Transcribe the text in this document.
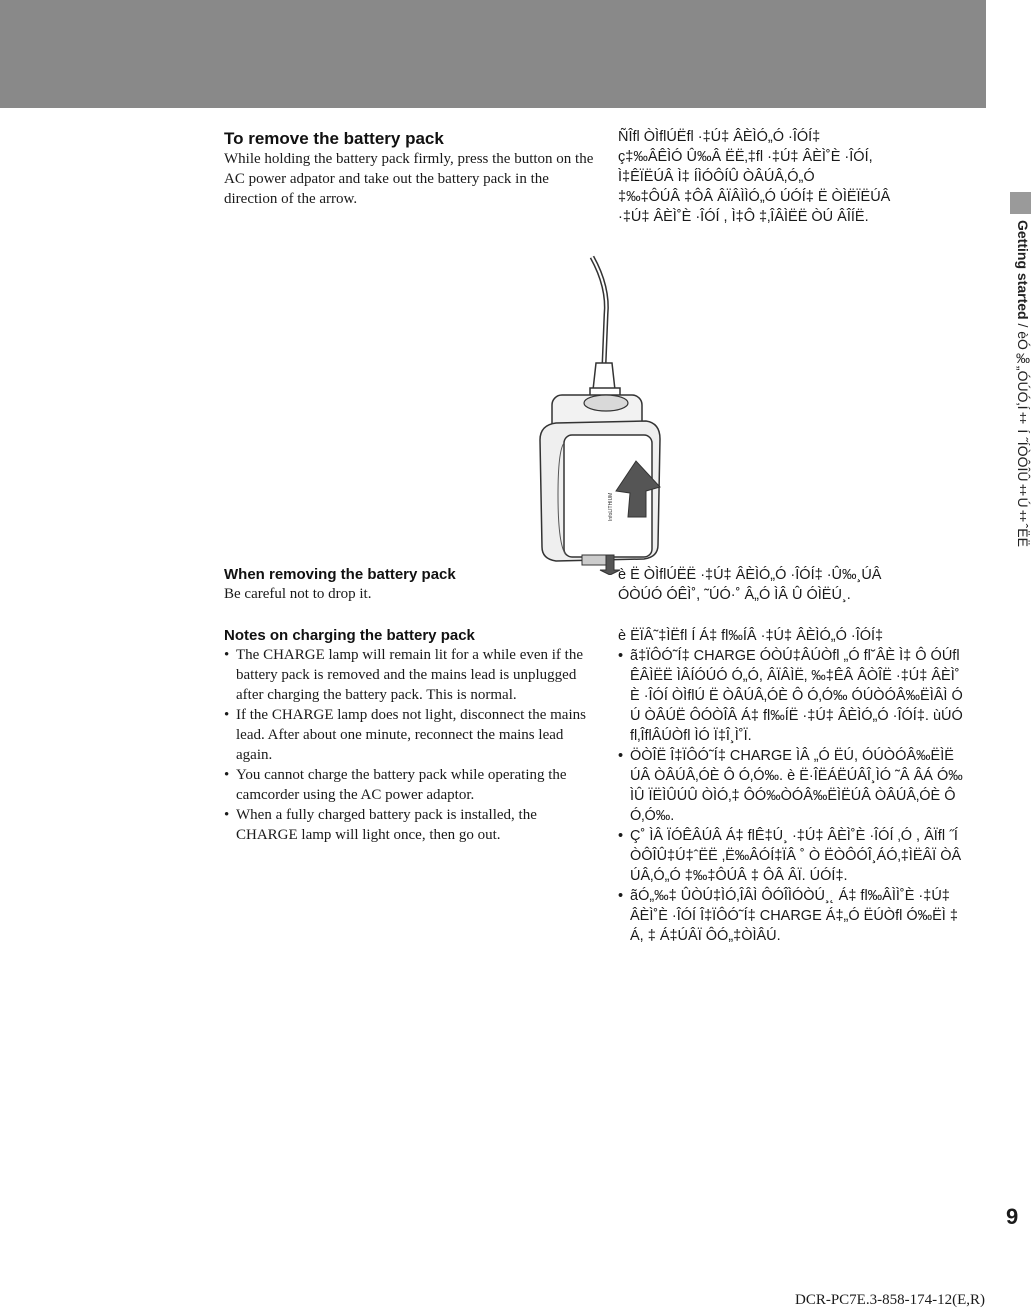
Getting started / èÓ‰„ÓÚÓ‚Í‡ Í ˝ÍÒÔÎÛ‡Ú‡ˆËË
To remove the battery pack

While holding the battery pack firmly, press the button on the AC power adpator and take out the battery pack in the direction of the arrow.

ÑÎfl ÒÌflÚËfl ·‡Ú‡ ÂÈÌÓ„Ó ·ÎÓÍ‡
ç‡‰ÂÊÌÓ Û‰Â ËË‚‡fl ·‡Ú‡ ÂÈÌ˚È ·ÎÓÍ,
Ì‡ÊÏËÚÂ Ì‡ ÍÌÓÔÍÛ ÒÂÚÂ‚Ó„Ó
‡‰‡ÔÚÂ ‡ÔÂ ÂÏÂÌÌÓ„Ó ÚÓÍ‡ Ë ÒÌËÏËÚÂ
·‡Ú‡ ÂÈÌ˚È ·ÎÓÍ , Ì‡Ô ‡‚ÎÂÌËË ÒÚ ÂÎÍË.
InfoLITHIUM
When removing the battery pack

Be careful not to drop it.

è Ë ÒÌflÚËË ·‡Ú‡ ÂÈÌÓ„Ó ·ÎÓÍ‡ ·Û‰¸ÚÂ
ÓÒÚÓ ÓÊÌ˚, ˜ÚÓ·˚ Â„Ó ÌÂ Û ÓÌËÚ¸.
Notes on charging the battery pack
• The CHARGE lamp will remain lit for a while even if the battery pack is removed and the mains lead is unplugged after charging the battery pack. This is normal.
• If the CHARGE lamp does not light, disconnect the mains lead. After about one minute, reconnect the mains lead again.
• You cannot charge the battery pack while operating the camcorder using the AC power adaptor.
• When a fully charged battery pack is installed, the CHARGE lamp will light once, then go out.
è ËÏÂ˜‡ÌËfl Í Á‡ fl‰ÍÂ ·‡Ú‡ ÂÈÌÓ„Ó ·ÎÓÍ‡
• ã‡ÏÔÓ˜Í‡ CHARGE ÓÒÚ‡ÂÚÒfl „Ó fl˘ÂÈ Ì‡ Ô ÓÚflÊÂÌËË ÌÂÍÓÚÓ Ó„Ó, ÂÏÂÌË‚ ‰‡ÊÂ ÂÒÎË ·‡Ú‡ ÂÈÌ˚È ·ÎÓÍ ÒÌflÚ Ë ÒÂÚÂ‚ÓÈ Ô Ó‚Ó‰ ÓÚÒÓÂ‰ËÌÂÌ ÓÚ ÒÂÚË ÔÓÒÎÂ Á‡ fl‰ÍË ·‡Ú‡ ÂÈÌÓ„Ó ·ÎÓÍ‡. ùÚÓ fl‚ÎflÂÚÒfl ÌÓ Ï‡Î¸Ì˚Ï.
• ÖÒÎË Î‡ÏÔÓ˜Í‡ CHARGE ÌÂ „Ó ËÚ, ÓÚÒÓÂ‰ËÌËÚÂ ÒÂÚÂ‚ÓÈ Ô Ó‚Ó‰. è Ë·ÎËÁËÚÂÎ¸ÌÓ ˜Â ÂÁ Ó‰ÌÛ ÏËÌÛÚÛ ÒÌÓ‚‡ ÔÓ‰ÒÓÂ‰ËÌËÚÂ ÒÂÚÂ‚ÓÈ Ô Ó‚Ó‰.
• Ç˚ ÌÂ ÏÓÊÂÚÂ Á‡ flÊ‡Ú¸ ·‡Ú‡ ÂÈÌ˚È ·ÎÓÍ ‚Ó , ÂÏfl ˝ÍÒÔÎÛ‡Ú‡ˆËË ‚Ë‰ÂÓÍ‡ÏÂ ˚ Ò ËÒÔÓÎ¸ÁÓ‚‡ÌËÂÏ ÒÂÚÂ‚Ó„Ó ‡‰‡ÔÚÂ ‡ ÔÂ ÂÏ. ÚÓÍ‡.
• ãÓ„‰‡ ÛÒÚ‡ÌÓ‚ÎÂÌ ÔÓÎÌÓÒÚ¸˛ Á‡ fl‰ÂÌÌ˚È ·‡Ú‡ ÂÈÌ˚È ·ÎÓÍ Î‡ÏÔÓ˜Í‡ CHARGE Á‡„Ó ËÚÒfl Ó‰ËÌ ‡Á, ‡ Á‡ÚÂÏ ÔÓ„‡ÒÌÂÚ.
9
DCR-PC7E.3-858-174-12(E,R)
